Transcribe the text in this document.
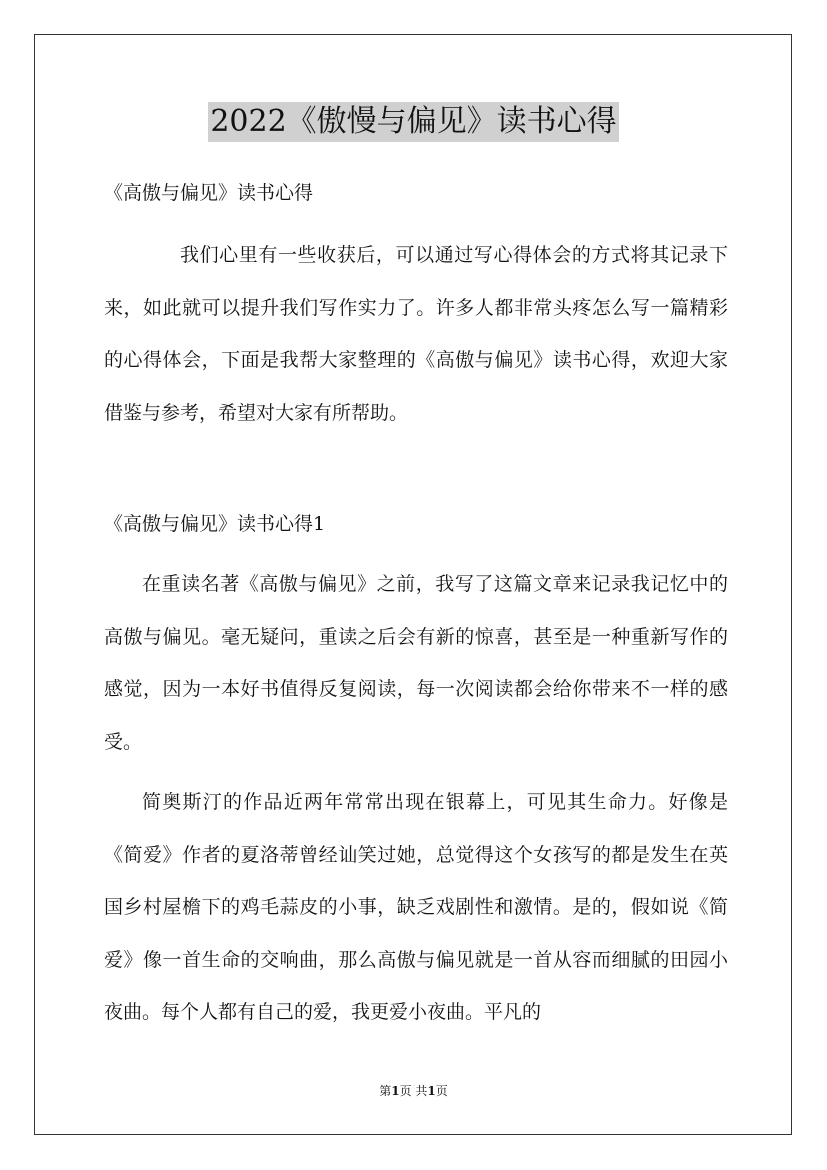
2022《傲慢与偏见》读书心得

《高傲与偏见》读书心得

我们心里有一些收获后，可以通过写心得体会的方式将其记录下来，如此就可以提升我们写作实力了。许多人都非常头疼怎么写一篇精彩的心得体会，下面是我帮大家整理的《高傲与偏见》读书心得，欢迎大家借鉴与参考，希望对大家有所帮助。

《高傲与偏见》读书心得1

在重读名著《高傲与偏见》之前，我写了这篇文章来记录我记忆中的高傲与偏见。毫无疑问，重读之后会有新的惊喜，甚至是一种重新写作的感觉，因为一本好书值得反复阅读，每一次阅读都会给你带来不一样的感受。

简奥斯汀的作品近两年常常出现在银幕上，可见其生命力。好像是《简爱》作者的夏洛蒂曾经讪笑过她，总觉得这个女孩写的都是发生在英国乡村屋檐下的鸡毛蒜皮的小事，缺乏戏剧性和激情。是的，假如说《简爱》像一首生命的交响曲，那么高傲与偏见就是一首从容而细腻的田园小夜曲。每个人都有自己的爱，我更爱小夜曲。平凡的

第1页 共1页
